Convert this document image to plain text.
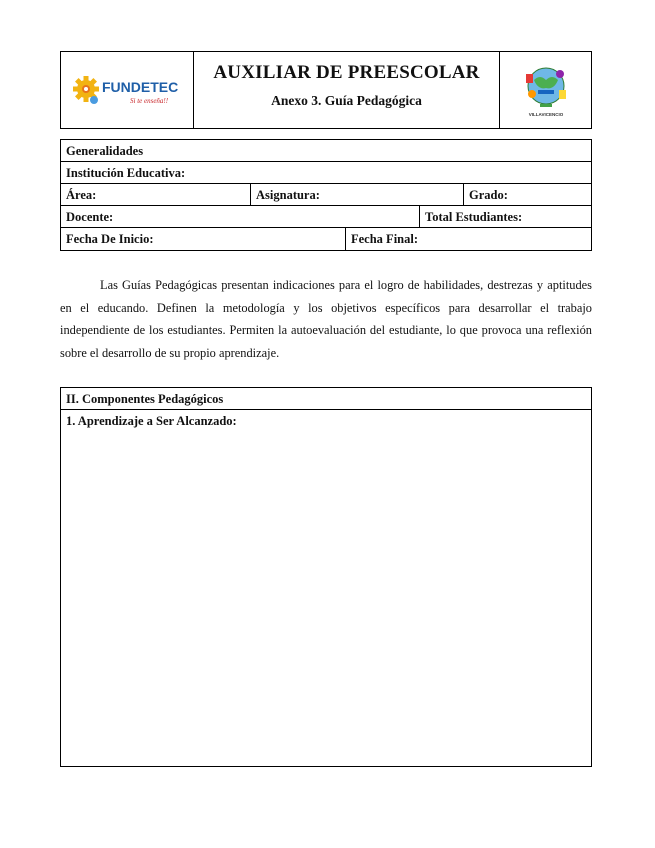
FUNDETEC
Si te enseña!!
AUXILIAR DE PREESCOLAR
Anexo 3. Guía Pedagógica
VILLAVICENCIO
Generalidades
Institución Educativa:
Área:	Asignatura:	Grado:
Docente:	Total Estudiantes:
Fecha De Inicio:	Fecha Final:

Las Guías Pedagógicas presentan indicaciones para el logro de habilidades, destrezas y aptitudes en el educando. Definen la metodología y los objetivos específicos para desarrollar el trabajo independiente de los estudiantes. Permiten la autoevaluación del estudiante, lo que provoca una reflexión sobre el desarrollo de su propio aprendizaje.

II. Componentes Pedagógicos
1. Aprendizaje a Ser Alcanzado:
